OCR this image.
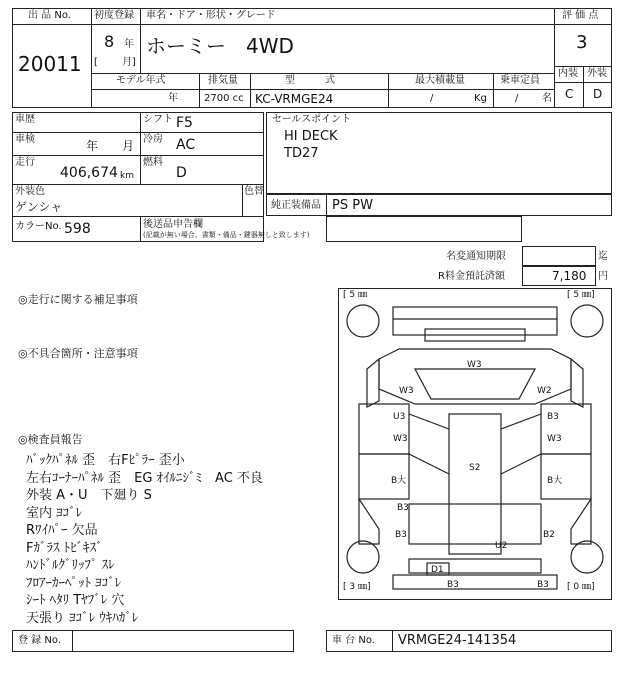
出 品 No.
20011
初度登録
8 年
[ 月]
車名・ドア・形状・グレード
ホーミー　4WD
評 価 点
3
内装 外装
C D
モデル年式
年
排気量
2700 cc
型　　　式
KC-VRMGE24
最大積載量
/	Kg
乗車定員
/ 名
車歴	シフト F5
車検	年 月 冷房 AC
走行
406,674 km
燃料
D
外装色
ゲンシャ
色替
カラーNo. 598	後送品申告欄
(記載が無い場合、書類・備品・鍵器無しと致します)
セールスポイント
HI DECK
TD27
純正装備品 PS PW
名変通知期限	迄
R料金預託済額	7,180 円
◎走行に関する補足事項
◎不具合箇所・注意事項
◎検査員報告
ﾊﾞｯｸﾊﾟﾈﾙ 歪　右Fﾋﾟﾗｰ 歪小
左右ｺｰﾅｰﾊﾟﾈﾙ 歪　EG ｵｲﾙﾆｼﾞﾐ　AC 不良
外装 A・U　下廻り S
室内 ﾖｺﾞﾚ
Rﾜｲﾊﾟｰ 欠品
Fｶﾞﾗｽ ﾄﾋﾞｷｽﾞ
ﾊﾝﾄﾞﾙｸﾞﾘｯﾌﾟ ｽﾚ
ﾌﾛｱｰｶｰﾍﾟｯﾄ ﾖｺﾞﾚ
ｼｰﾄ ﾍﾀﾘ Tﾔﾌﾞﾚ 穴
天張り ﾖｺﾞﾚ ｳｷﾊｶﾞﾚ
[ 5 ㎜	[ 5 ㎜]
[ 3 ㎜]	[ 0 ㎜]
W3
W3	W2
U3	B3
W3	W3
S2
B大	B大
B3
B3	B2
U2
D1
B3	B3
登 録 No.	車 台 No. VRMGE24-141354
